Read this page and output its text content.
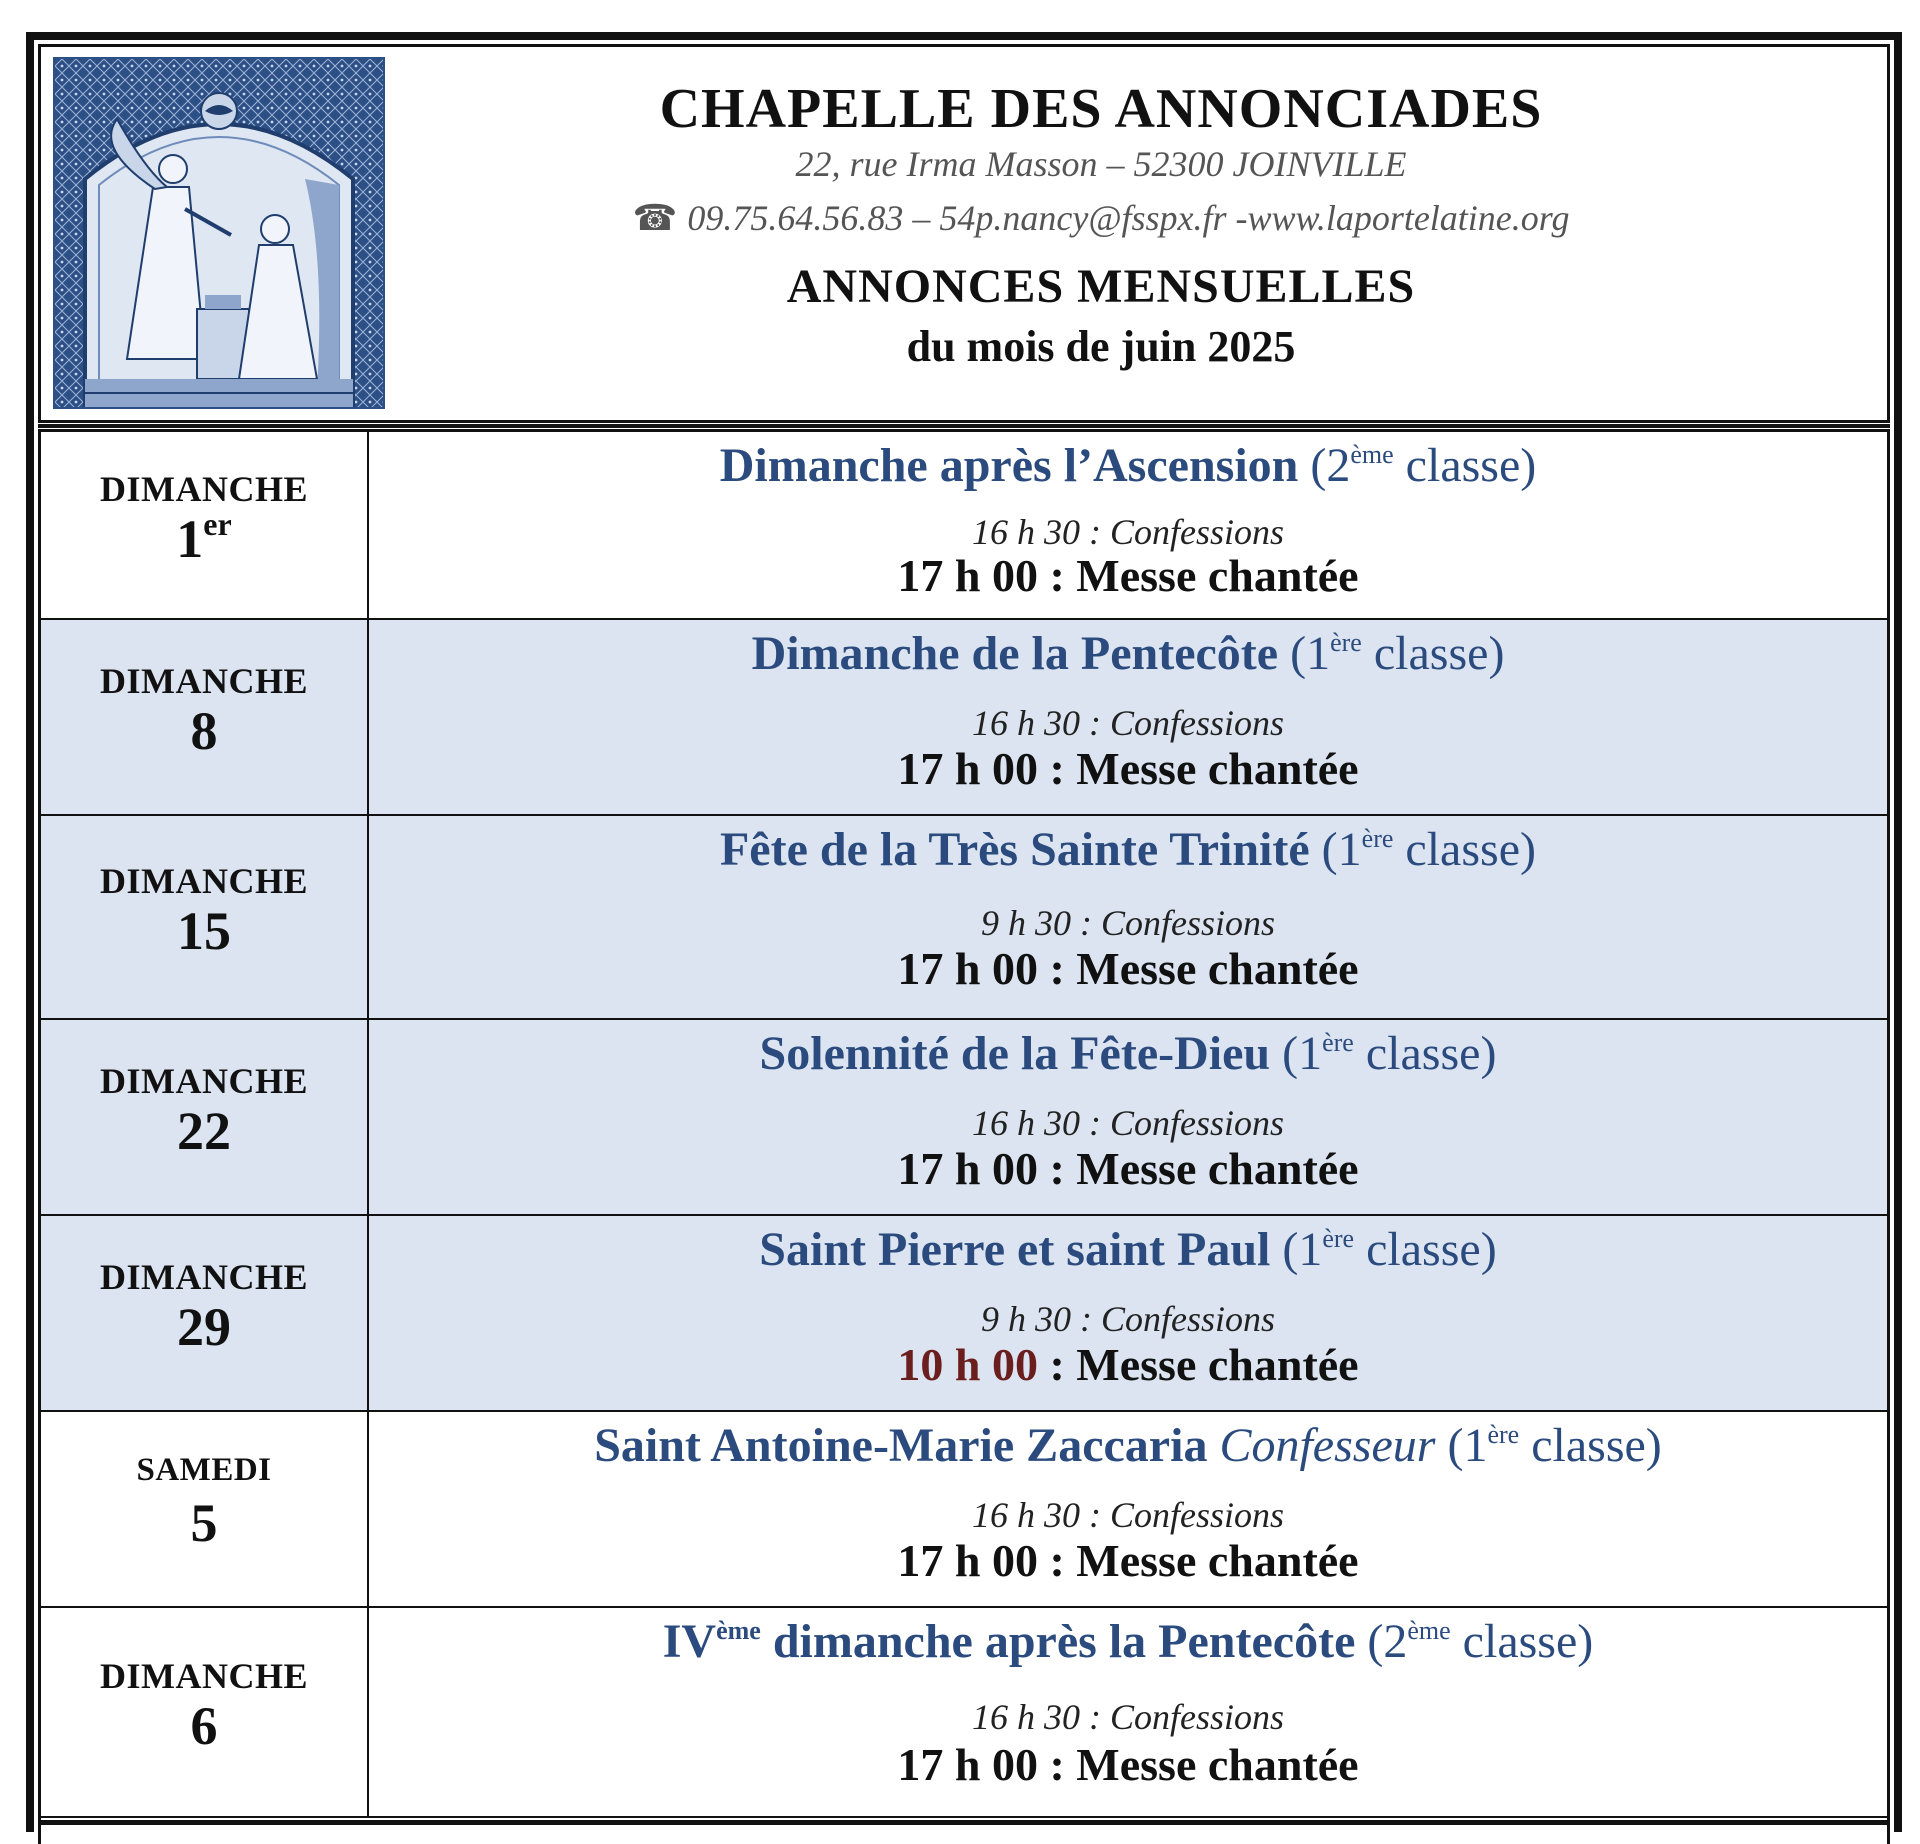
CHAPELLE DES ANNONCIADES
22, rue Irma Masson – 52300 JOINVILLE
☎ 09.75.64.56.83 – 54p.nancy@fsspx.fr -www.laportelatine.org
ANNONCES MENSUELLES
du mois de juin 2025
DIMANCHE
1er
Dimanche après l’Ascension (2ème classe)
16 h 30 : Confessions
17 h 00 : Messe chantée
DIMANCHE
8
Dimanche de la Pentecôte (1ère classe)
16 h 30 : Confessions
17 h 00 : Messe chantée
DIMANCHE
15
Fête de la Très Sainte Trinité (1ère classe)
9 h 30 : Confessions
17 h 00 : Messe chantée
DIMANCHE
22
Solennité de la Fête-Dieu (1ère classe)
16 h 30 : Confessions
17 h 00 : Messe chantée
DIMANCHE
29
Saint Pierre et saint Paul (1ère classe)
9 h 30 : Confessions
10 h 00 : Messe chantée
SAMEDI
5
Saint Antoine-Marie Zaccaria Confesseur (1ère classe)
16 h 30 : Confessions
17 h 00 : Messe chantée
DIMANCHE
6
IVème dimanche après la Pentecôte (2ème classe)
16 h 30 : Confessions
17 h 00 : Messe chantée
